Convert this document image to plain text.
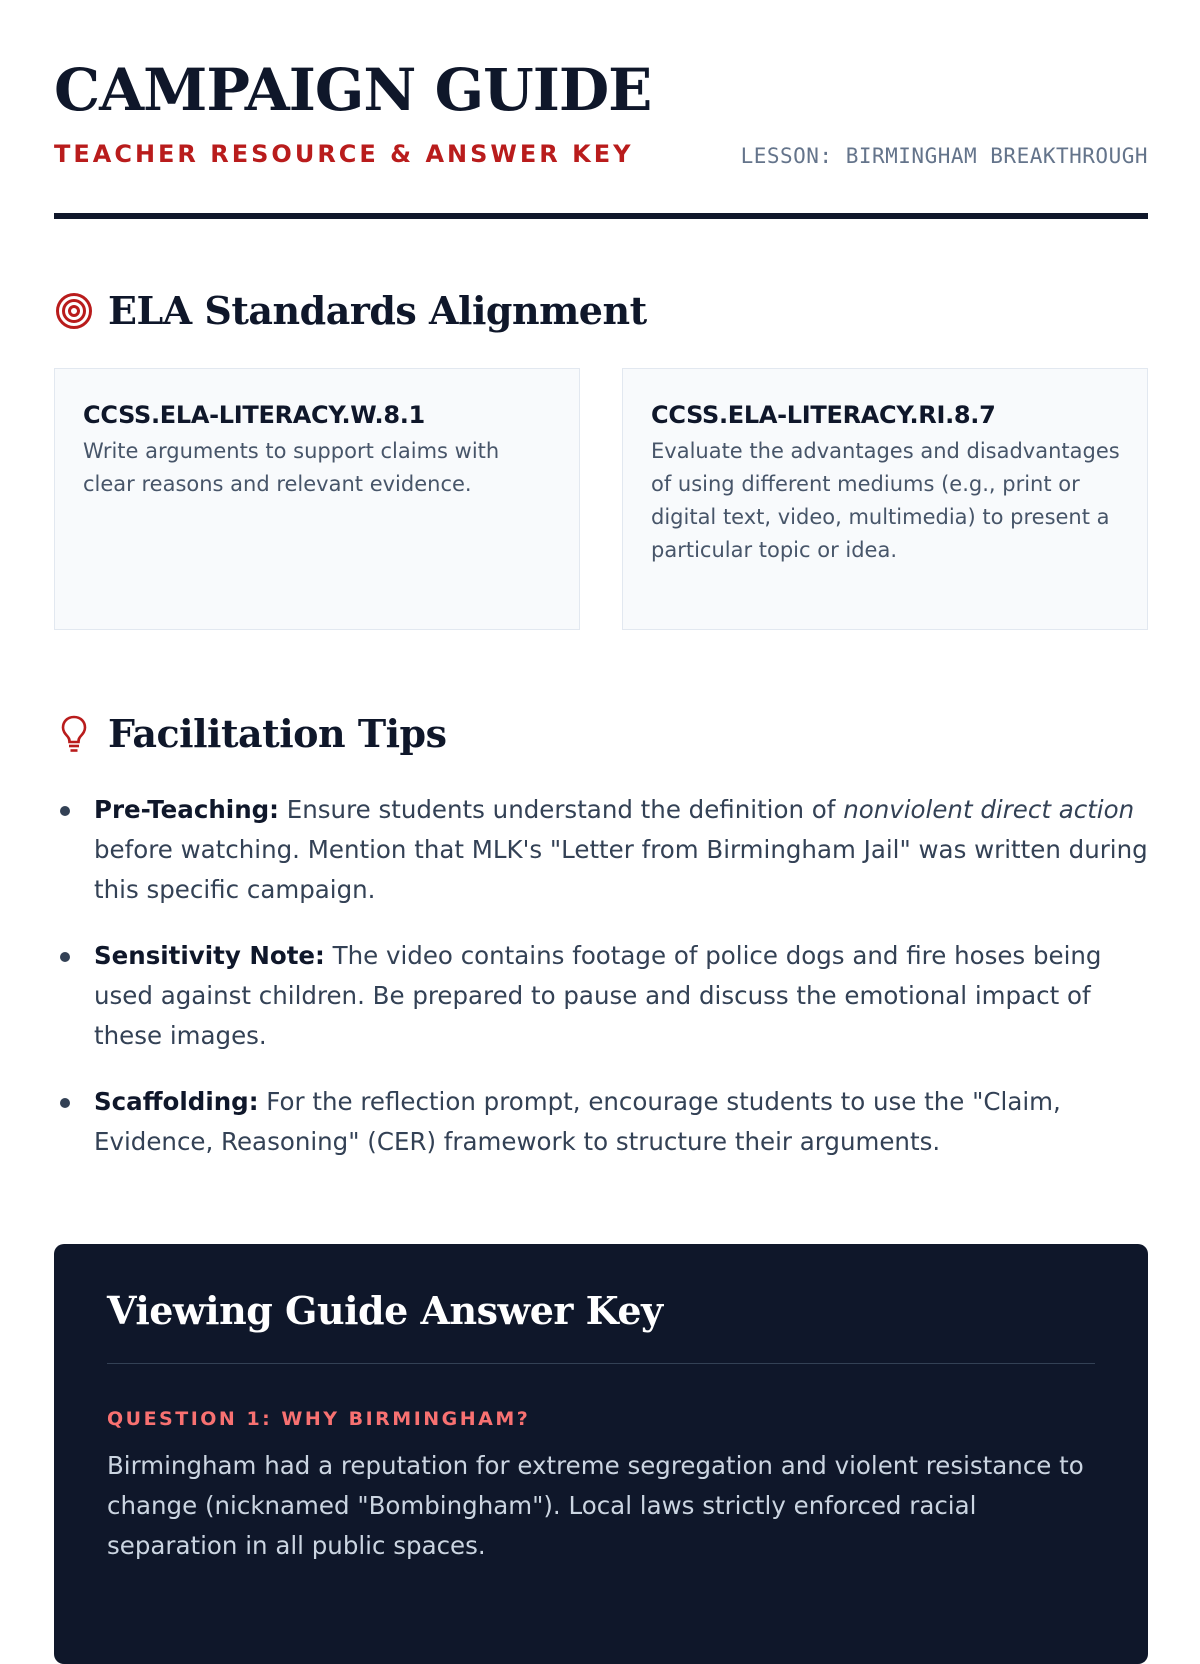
CAMPAIGN GUIDE
TEACHER RESOURCE & ANSWER KEY	LESSON: BIRMINGHAM BREAKTHROUGH
ELA Standards Alignment
CCSS.ELA-LITERACY.W.8.1
Write arguments to support claims with clear reasons and relevant evidence.
CCSS.ELA-LITERACY.RI.8.7
Evaluate the advantages and disadvantages of using different mediums (e.g., print or digital text, video, multimedia) to present a particular topic or idea.
Facilitation Tips
Pre-Teaching: Ensure students understand the definition of nonviolent direct action before watching. Mention that MLK's "Letter from Birmingham Jail" was written during this specific campaign.
Sensitivity Note: The video contains footage of police dogs and fire hoses being used against children. Be prepared to pause and discuss the emotional impact of these images.
Scaffolding: For the reflection prompt, encourage students to use the "Claim, Evidence, Reasoning" (CER) framework to structure their arguments.
Viewing Guide Answer Key
QUESTION 1: WHY BIRMINGHAM?
Birmingham had a reputation for extreme segregation and violent resistance to change (nicknamed "Bombingham"). Local laws strictly enforced racial separation in all public spaces.
